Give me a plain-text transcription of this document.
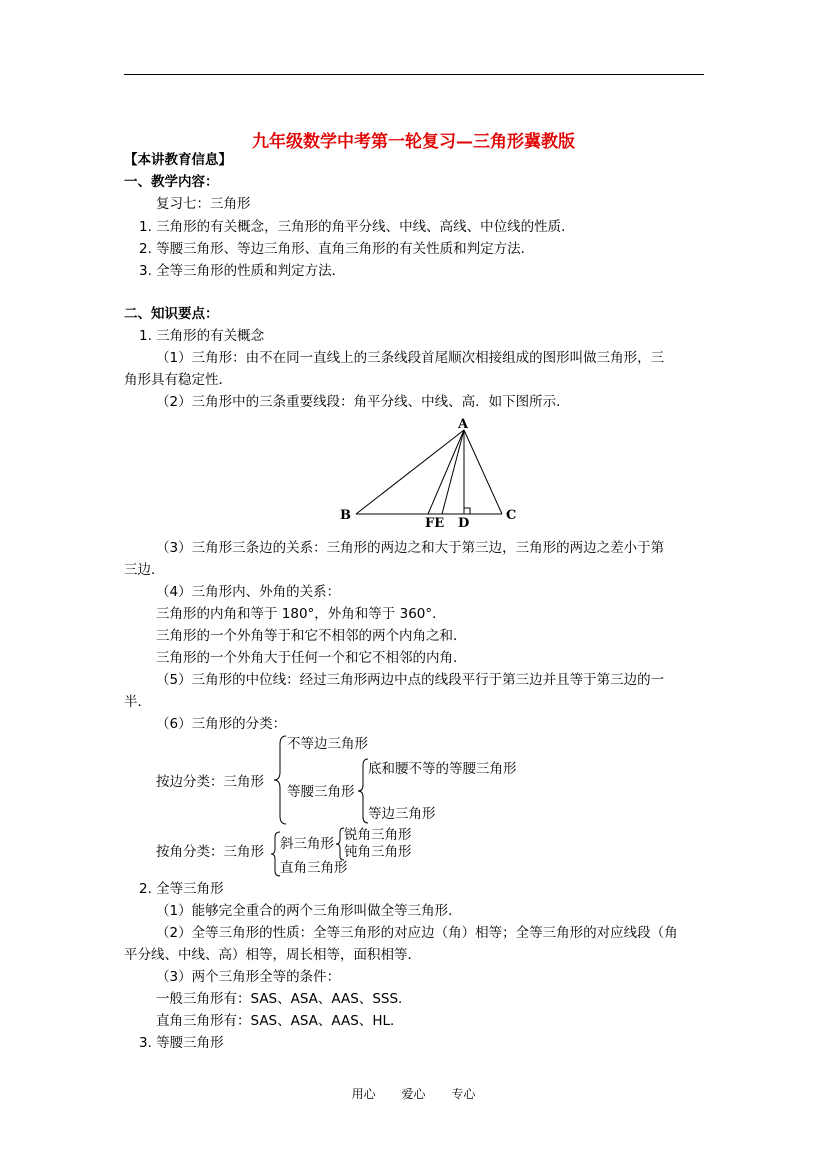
九年级数学中考第一轮复习—三角形冀教版
【本讲教育信息】
一、教学内容：
复习七：三角形
1. 三角形的有关概念，三角形的角平分线、中线、高线、中位线的性质．
2. 等腰三角形、等边三角形、直角三角形的有关性质和判定方法．
3. 全等三角形的性质和判定方法．
二、知识要点：
1. 三角形的有关概念
（1）三角形：由不在同一直线上的三条线段首尾顺次相接组成的图形叫做三角形，三
角形具有稳定性．
（2）三角形中的三条重要线段：角平分线、中线、高．如下图所示．
A
B	C
FE D
（3）三角形三条边的关系：三角形的两边之和大于第三边，三角形的两边之差小于第
三边．
（4）三角形内、外角的关系：
三角形的内角和等于 180°，外角和等于 360°．
三角形的一个外角等于和它不相邻的两个内角之和．
三角形的一个外角大于任何一个和它不相邻的内角．
（5）三角形的中位线：经过三角形两边中点的线段平行于第三边并且等于第三边的一
半．
（6）三角形的分类：
按边分类：三角形
不等边三角形
等腰三角形
底和腰不等的等腰三角形
等边三角形
按角分类：三角形 斜三角形
锐角三角形
钝角三角形
直角三角形
2. 全等三角形
（1）能够完全重合的两个三角形叫做全等三角形．
（2）全等三角形的性质：全等三角形的对应边（角）相等；全等三角形的对应线段（角
平分线、中线、高）相等，周长相等，面积相等．
（3）两个三角形全等的条件：
一般三角形有：SAS、ASA、AAS、SSS．
直角三角形有：SAS、ASA、AAS、HL．
3. 等腰三角形
用心 爱心 专心
